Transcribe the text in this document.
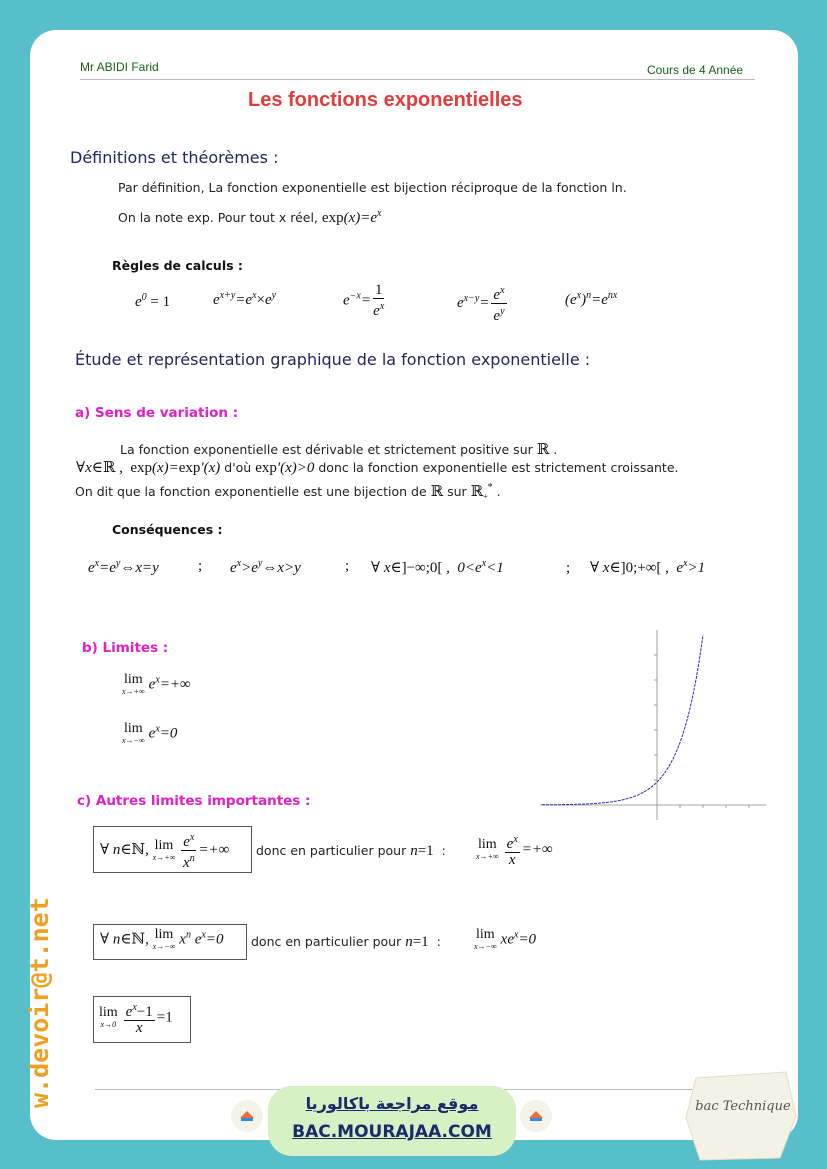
Mr ABIDI Farid	Cours de 4 Année
Les fonctions exponentielles
Définitions et théorèmes :
Par définition, La fonction exponentielle est bijection réciproque de la fonction ln.
On la note exp. Pour tout x réel, $\exp(x)=e^x$
Règles de calculs :
$e^0 = 1$	$e^{x+y}=e^x\times e^y$	$e^{-x}= \frac{1}{e^x}$	$e^{x-y}= \frac{e^x}{e^y}$	$(e^x)^n=e^{nx}$
Étude et représentation graphique de la fonction exponentielle :
a) Sens de variation :
La fonction exponentielle est dérivable et strictement positive sur ℝ .
∀x∈ℝ ,  exp(x)=exp'(x) d'où exp'(x)>0 donc la fonction exponentielle est strictement croissante.
On dit que la fonction exponentielle est une bijection de ℝ sur ℝ$_+$* .
Conséquences :
$e^x=e^y\Leftrightarrow x=y$	; $e^x>e^y\Leftrightarrow x>y$	; ∀ x∈]−∞;0[ ,  $0<e^x<1$	; ∀ x∈]0;+∞[ ,  $e^x>1$
b) Limites :
lim
x→+∞ $e^x=+\infty$
lim
x→−∞ $e^x=0$
c) Autres limites importantes :
∀ n∈ℕ, lim
$x\to+\infty \frac{e^x}{x^n}$ =+∞ donc en particulier pour n=1  : lim
$x\to+\infty \frac{e^x}{x}$ =+∞
∀ n∈ℕ, lim
x→−∞ $x^n$ $e^x=0$ donc en particulier pour n=1  :	lim
x→−∞ $xe^x=0$
lim
$x\to 0 \frac{e^x-1}{x} =1$
w.devoir@t.net	موقع مراجعة باكالوريا
BAC.MOURAJAA.COM
bac Technique
